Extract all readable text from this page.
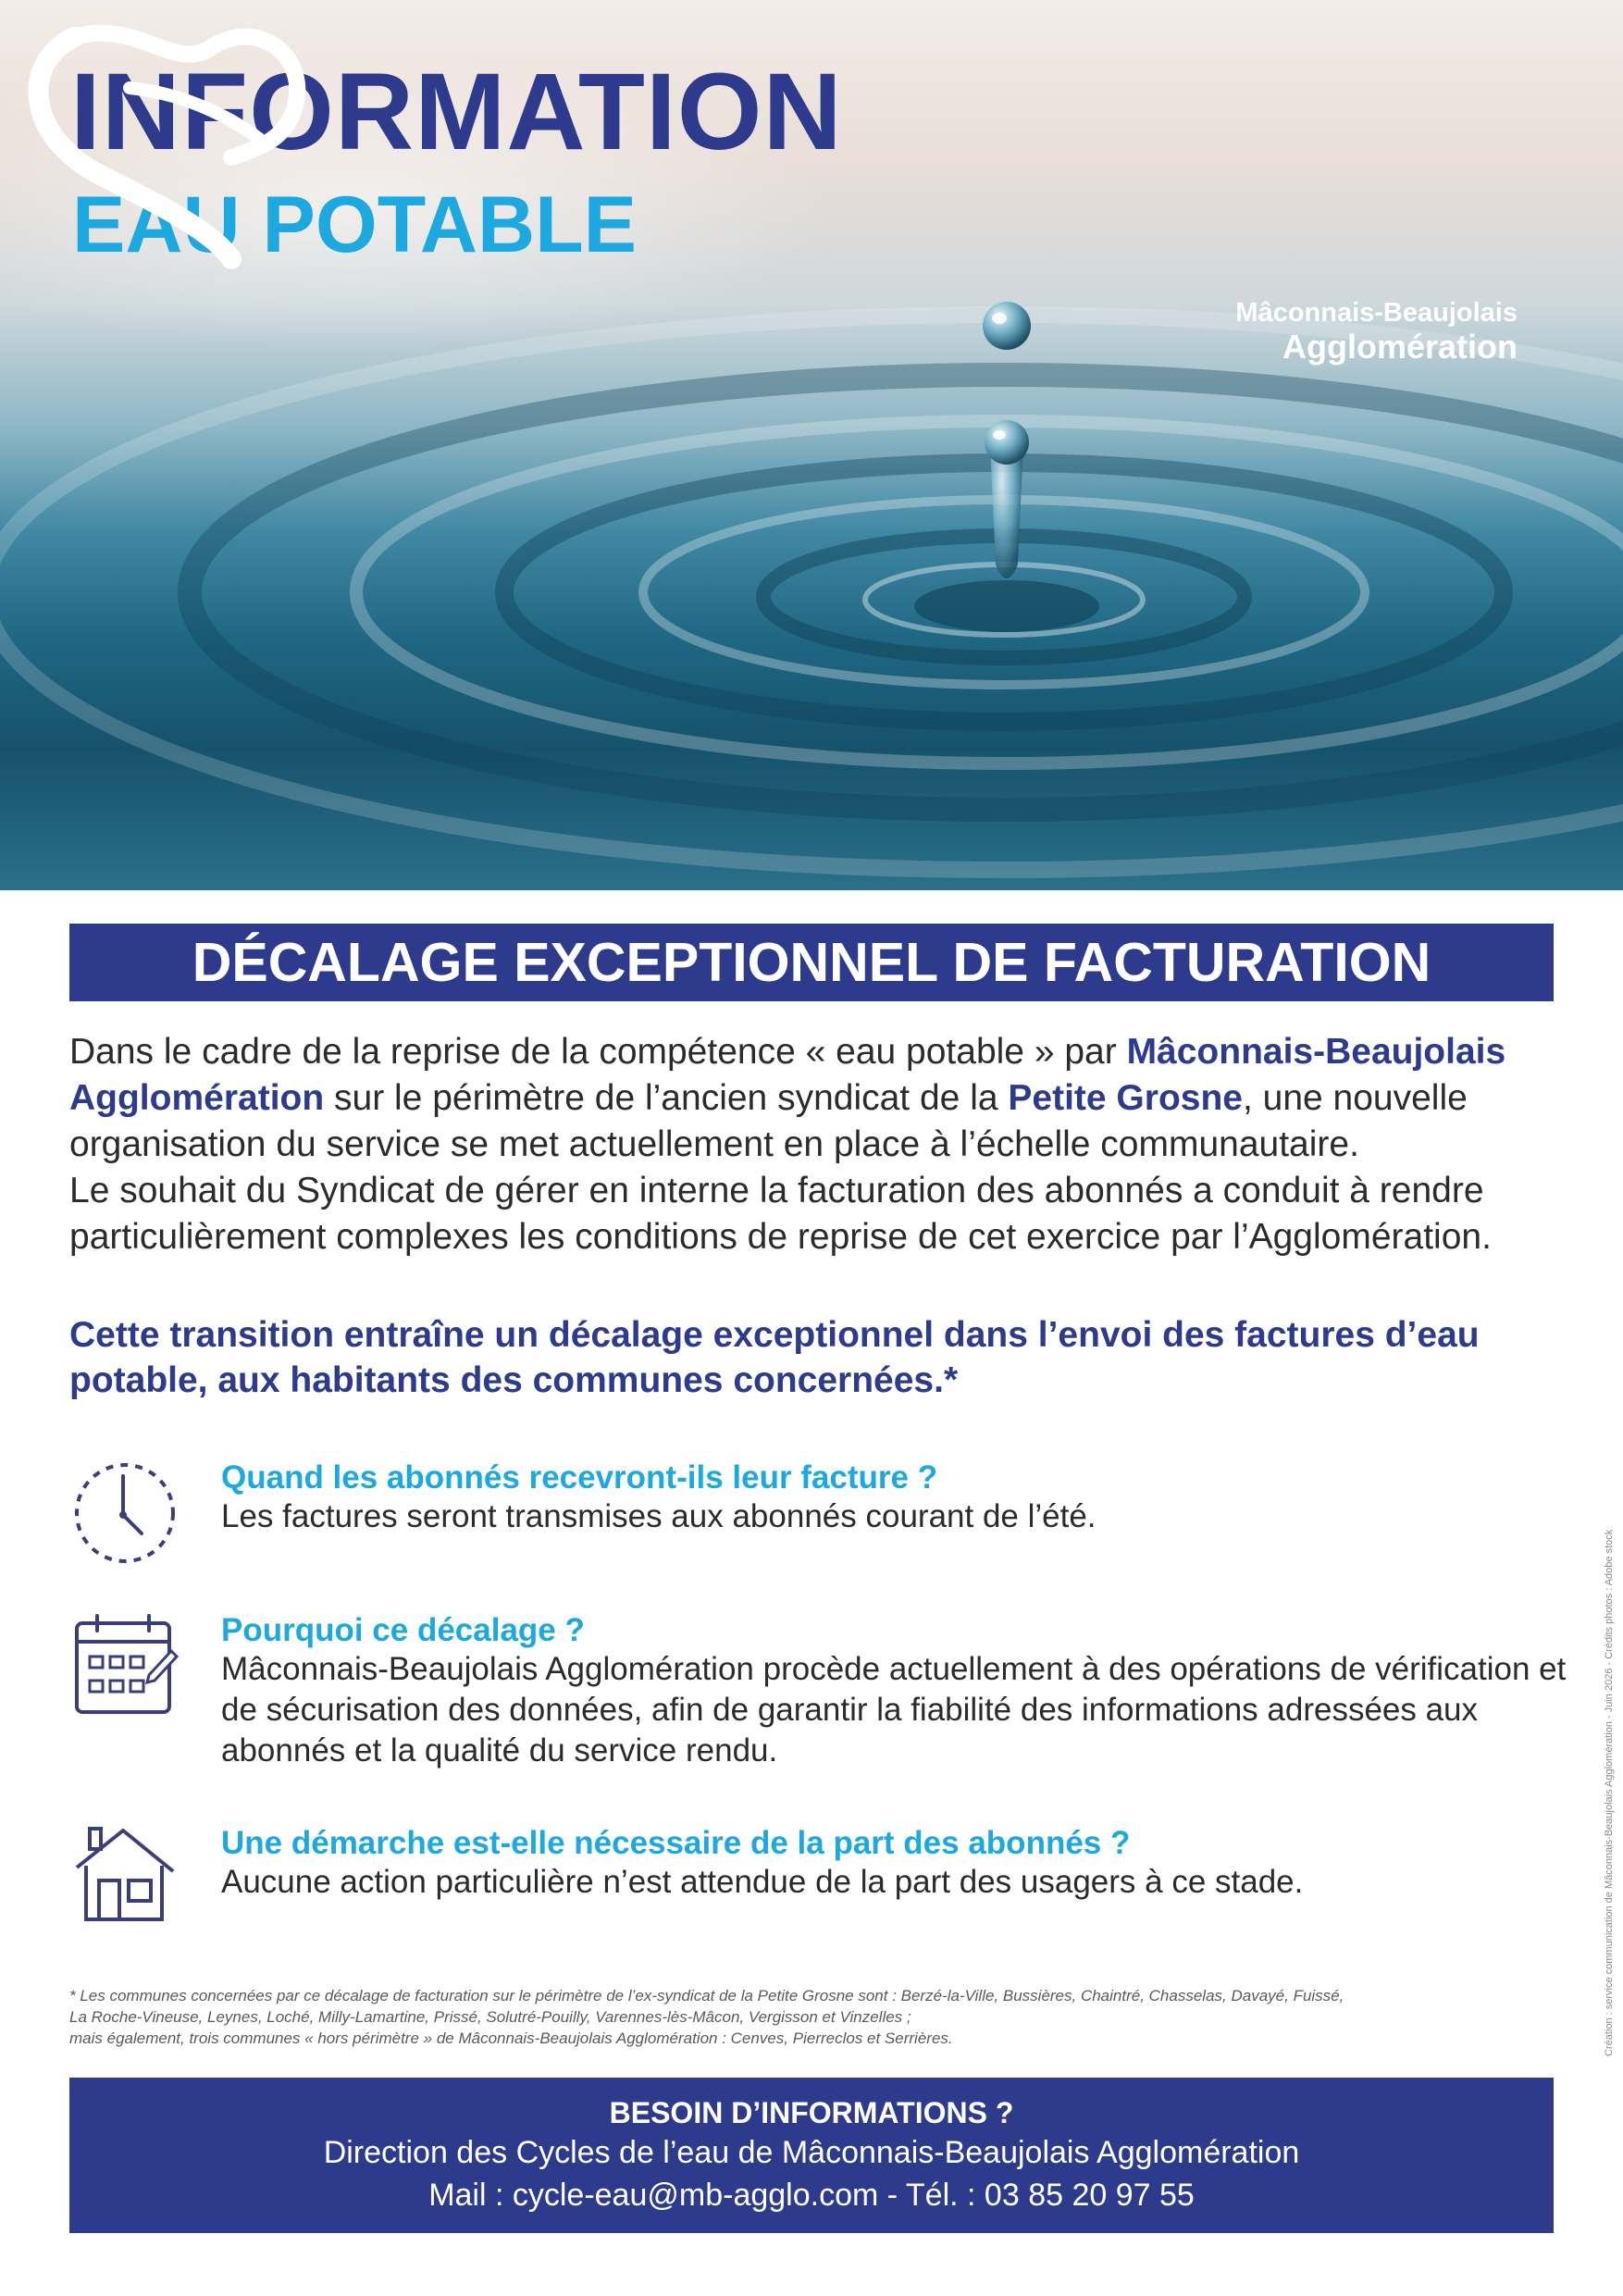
INFORMATION
EAU POTABLE
Mâconnais-Beaujolais
Agglomération
DÉCALAGE EXCEPTIONNEL DE FACTURATION
Dans le cadre de la reprise de la compétence « eau potable » par Mâconnais-Beaujolais Agglomération sur le périmètre de l’ancien syndicat de la Petite Grosne, une nouvelle organisation du service se met actuellement en place à l’échelle communautaire.
Le souhait du Syndicat de gérer en interne la facturation des abonnés a conduit à rendre particulièrement complexes les conditions de reprise de cet exercice par l’Agglomération.

Cette transition entraîne un décalage exceptionnel dans l’envoi des factures d’eau potable, aux habitants des communes concernées.*

Quand les abonnés recevront-ils leur facture ?

Les factures seront transmises aux abonnés courant de l’été.

Pourquoi ce décalage ?

Mâconnais-Beaujolais Agglomération procède actuellement à des opérations de vérification et de sécurisation des données, afin de garantir la fiabilité des informations adressées aux abonnés et la qualité du service rendu.

Une démarche est-elle nécessaire de la part des abonnés ?

Aucune action particulière n’est attendue de la part des usagers à ce stade.

* Les communes concernées par ce décalage de facturation sur le périmètre de l’ex-syndicat de la Petite Grosne sont : Berzé-la-Ville, Bussières, Chaintré, Chasselas, Davayé, Fuissé,
La Roche-Vineuse, Leynes, Loché, Milly-Lamartine, Prissé, Solutré-Pouilly, Varennes-lès-Mâcon, Vergisson et Vinzelles ;
mais également, trois communes « hors périmètre » de Mâconnais-Beaujolais Agglomération : Cenves, Pierreclos et Serrières.
BESOIN D’INFORMATIONS ?
Direction des Cycles de l’eau de Mâconnais-Beaujolais Agglomération
Mail : cycle-eau@mb-agglo.com - Tél. : 03 85 20 97 55
Création : service communication de Mâconnais-Beaujolais Agglomération - Juin 2026 - Crédits photos : Adobe stock
